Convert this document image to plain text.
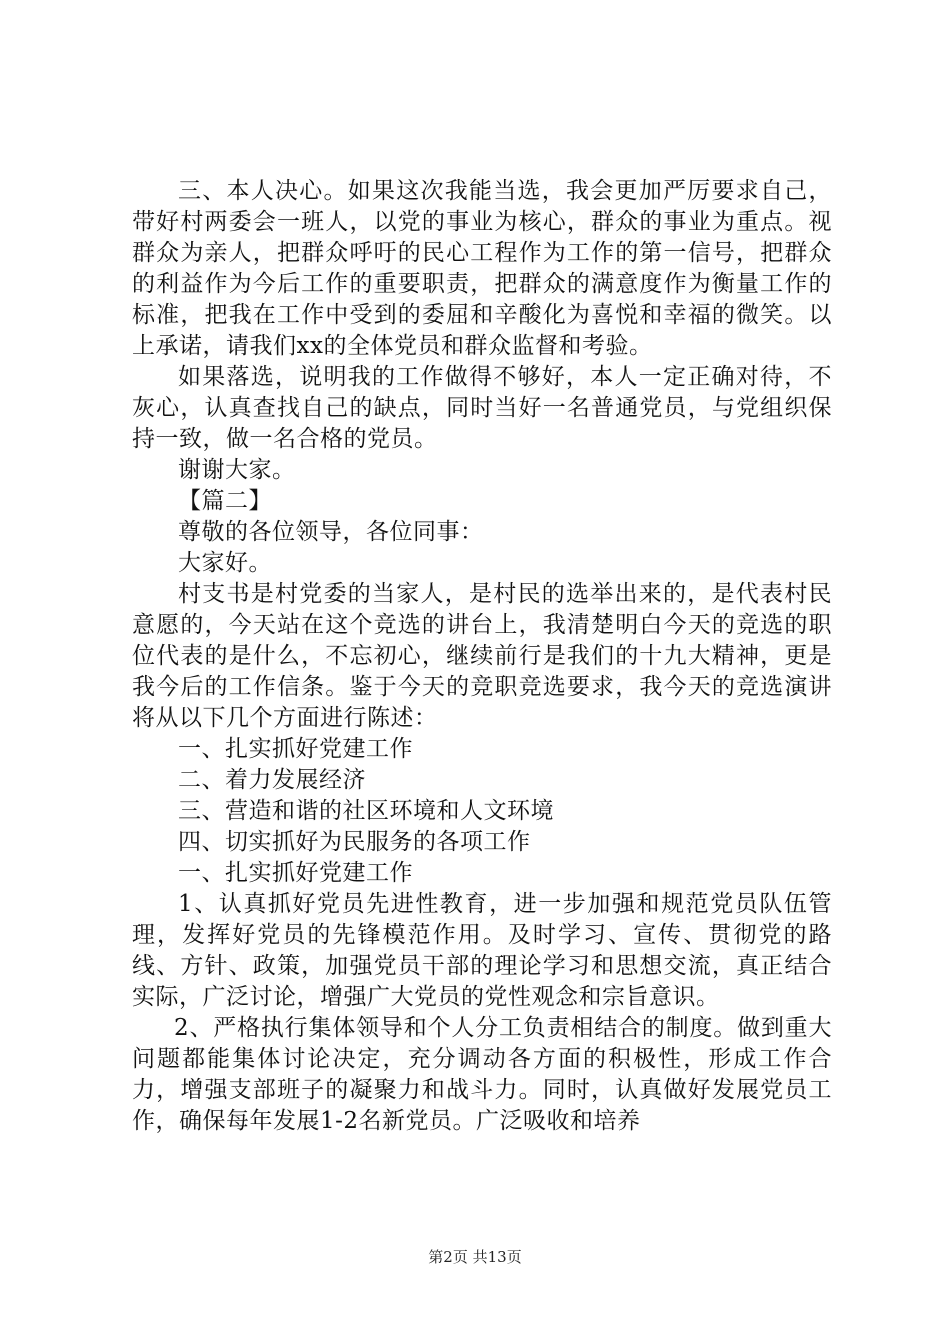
三、本人决心。如果这次我能当选，我会更加严厉要求自己，带好村两委会一班人，以党的事业为核心，群众的事业为重点。视群众为亲人，把群众呼吁的民心工程作为工作的第一信号，把群众的利益作为今后工作的重要职责，把群众的满意度作为衡量工作的标准，把我在工作中受到的委屈和辛酸化为喜悦和幸福的微笑。以上承诺，请我们xx的全体党员和群众监督和考验。

如果落选，说明我的工作做得不够好，本人一定正确对待，不灰心，认真查找自己的缺点，同时当好一名普通党员，与党组织保持一致，做一名合格的党员。

谢谢大家。

【篇二】

尊敬的各位领导，各位同事：

大家好。

村支书是村党委的当家人，是村民的选举出来的，是代表村民意愿的，今天站在这个竞选的讲台上，我清楚明白今天的竞选的职位代表的是什么，不忘初心，继续前行是我们的十九大精神，更是我今后的工作信条。鉴于今天的竞职竞选要求，我今天的竞选演讲将从以下几个方面进行陈述：

一、扎实抓好党建工作

二、着力发展经济

三、营造和谐的社区环境和人文环境

四、切实抓好为民服务的各项工作

一、扎实抓好党建工作

1、认真抓好党员先进性教育，进一步加强和规范党员队伍管理，发挥好党员的先锋模范作用。及时学习、宣传、贯彻党的路线、方针、政策，加强党员干部的理论学习和思想交流，真正结合实际，广泛讨论，增强广大党员的党性观念和宗旨意识。

2、严格执行集体领导和个人分工负责相结合的制度。做到重大问题都能集体讨论决定，充分调动各方面的积极性，形成工作合力，增强支部班子的凝聚力和战斗力。同时，认真做好发展党员工作，确保每年发展1-2名新党员。广泛吸收和培养

第2页 共13页
